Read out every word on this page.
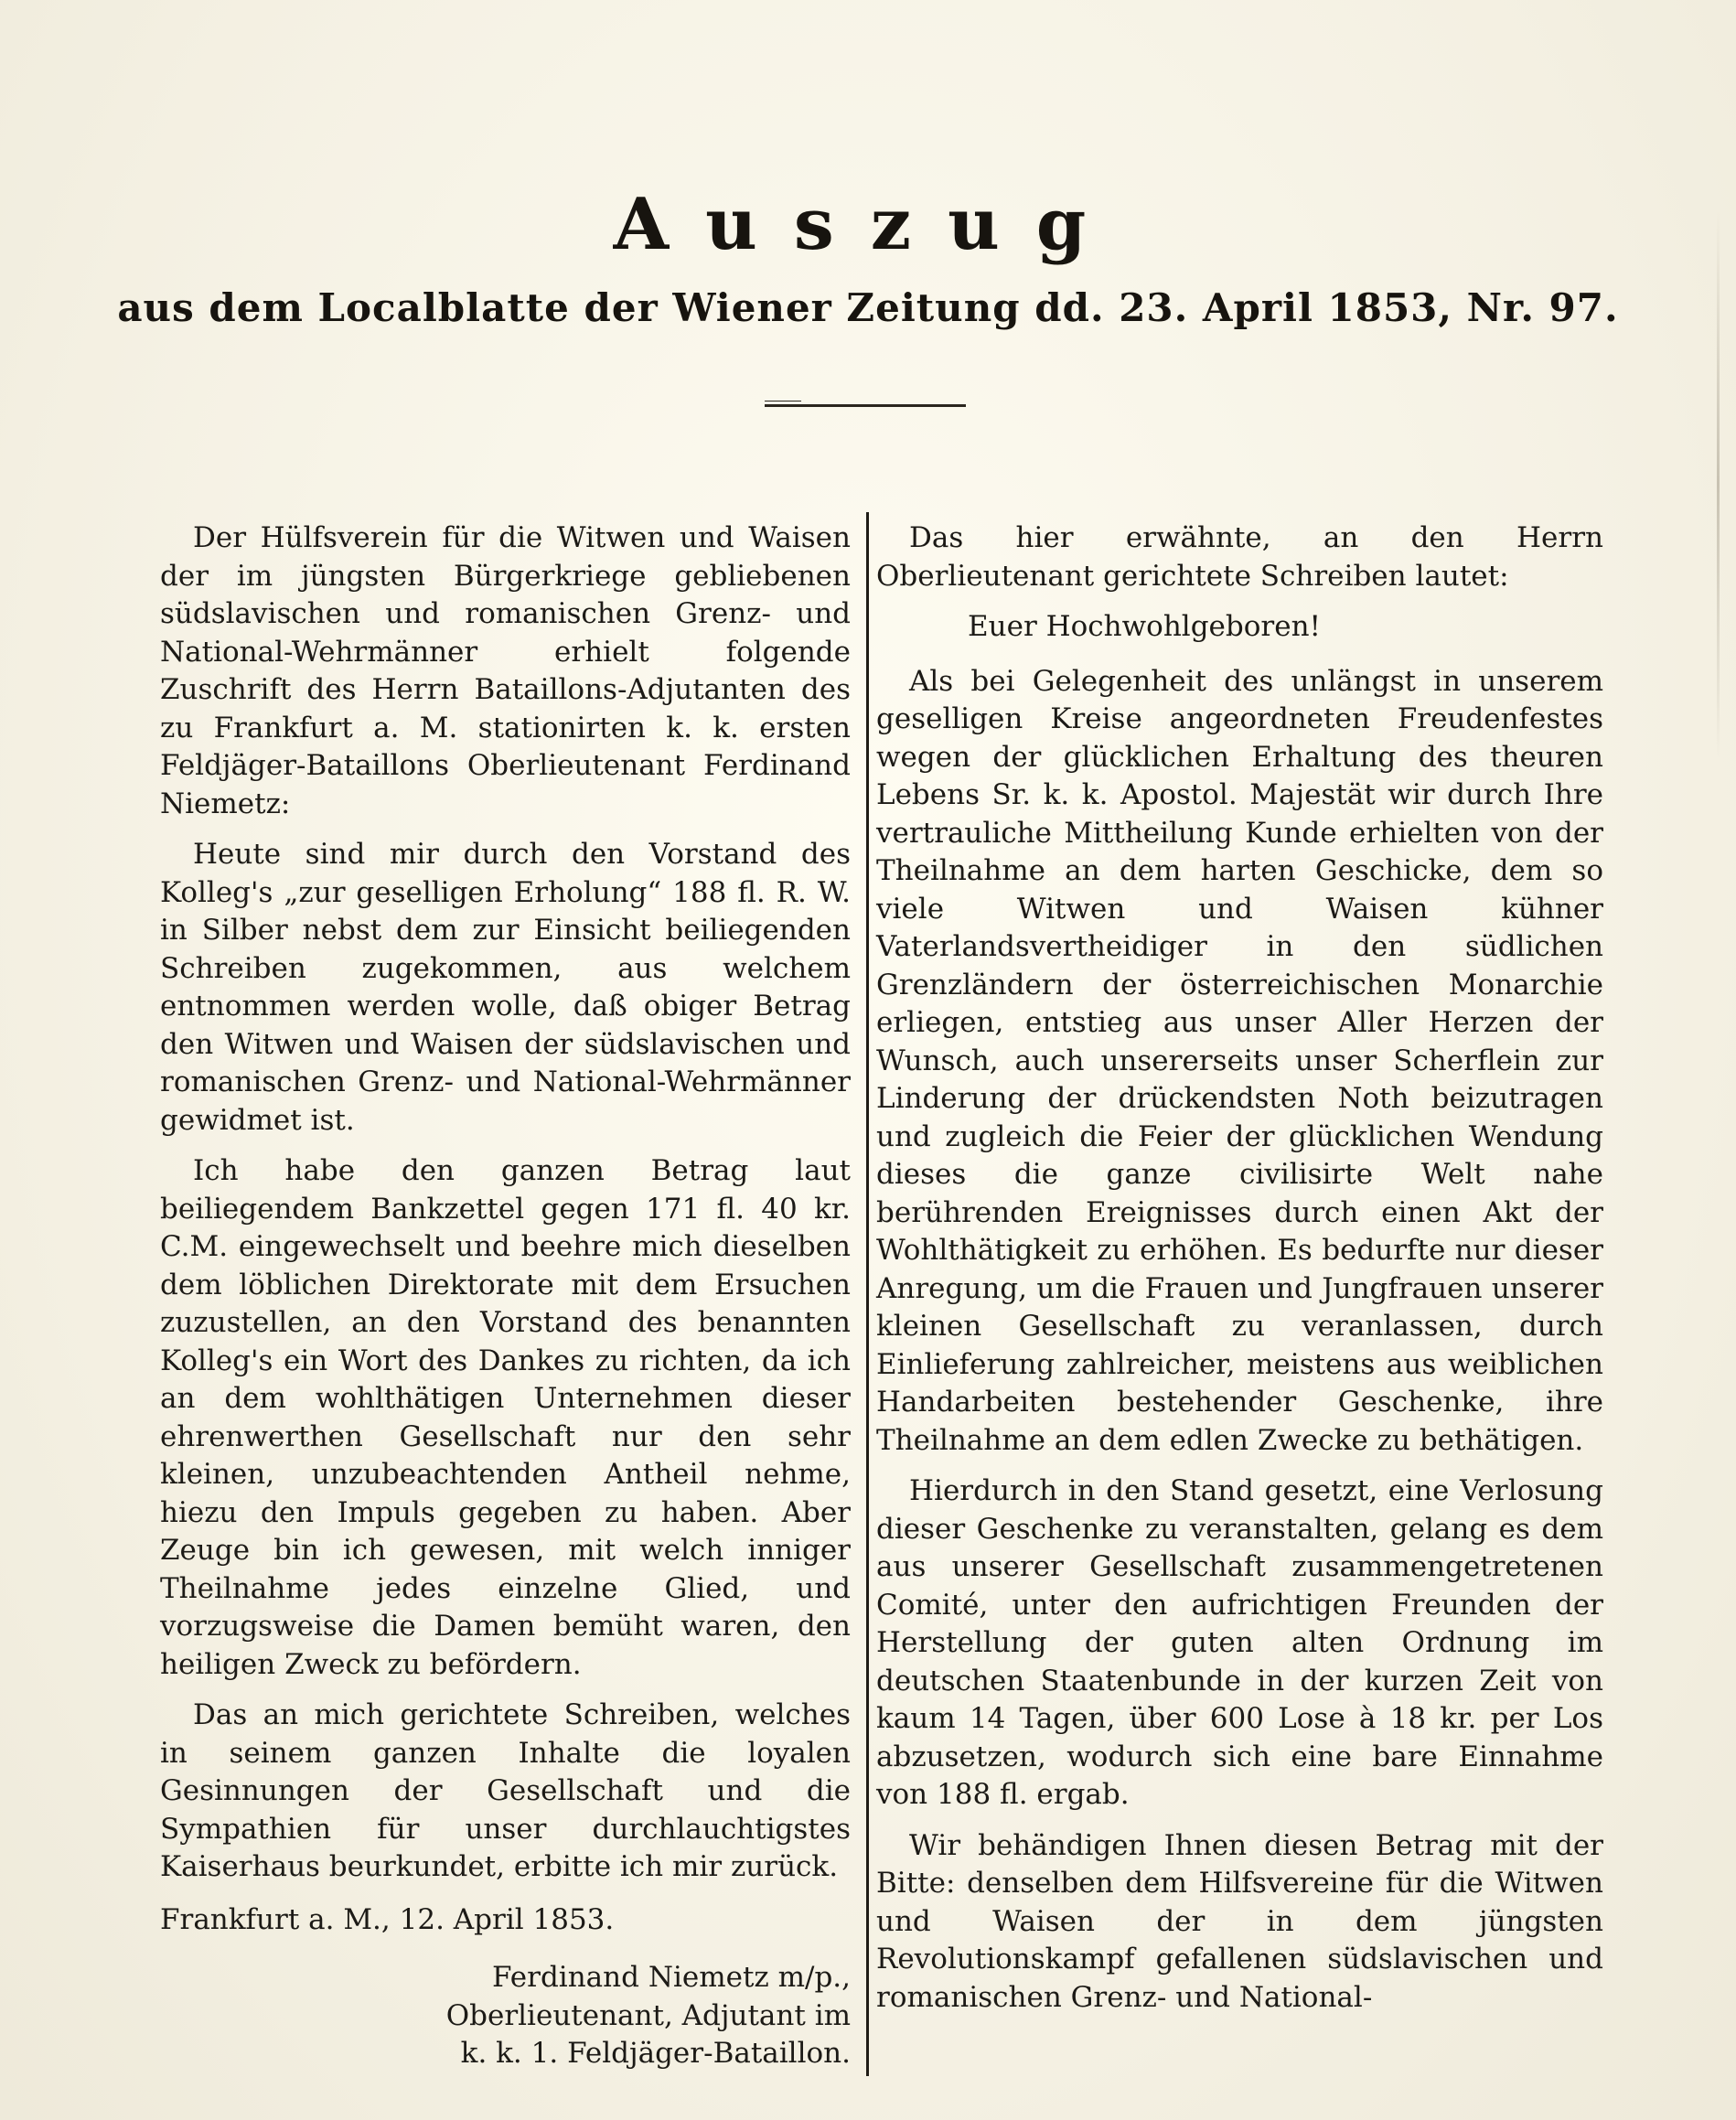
Auszug
aus dem Localblatte der Wiener Zeitung dd. 23. April 1853, Nr. 97.

Der Hülfsverein für die Witwen und Waisen der im jüngsten Bürgerkriege gebliebenen südslavischen und romanischen Grenz- und National-Wehrmänner erhielt folgende Zuschrift des Herrn Bataillons-Adjutanten des zu Frankfurt a. M. stationirten k. k. ersten Feldjäger-Bataillons Oberlieutenant Ferdinand Niemetz:

Heute sind mir durch den Vorstand des Kolleg's „zur geselligen Erholung“ 188 fl. R. W. in Silber nebst dem zur Einsicht beiliegenden Schreiben zugekommen, aus welchem entnommen werden wolle, daß obiger Betrag den Witwen und Waisen der südslavischen und romanischen Grenz- und National-Wehrmänner gewidmet ist.

Ich habe den ganzen Betrag laut beiliegendem Bankzettel gegen 171 fl. 40 kr. C.M. eingewechselt und beehre mich dieselben dem löblichen Direktorate mit dem Ersuchen zuzustellen, an den Vorstand des benannten Kolleg's ein Wort des Dankes zu richten, da ich an dem wohlthätigen Unternehmen dieser ehrenwerthen Gesellschaft nur den sehr kleinen, unzubeachtenden Antheil nehme, hiezu den Impuls gegeben zu haben. Aber Zeuge bin ich gewesen, mit welch inniger Theilnahme jedes einzelne Glied, und vorzugsweise die Damen bemüht waren, den heiligen Zweck zu befördern.

Das an mich gerichtete Schreiben, welches in seinem ganzen Inhalte die loyalen Gesinnungen der Gesellschaft und die Sympathien für unser durchlauchtigstes Kaiserhaus beurkundet, erbitte ich mir zurück.

Frankfurt a. M., 12. April 1853.

Ferdinand Niemetz m/p.,
Oberlieutenant, Adjutant im
k. k. 1. Feldjäger-Bataillon.

Das hier erwähnte, an den Herrn Oberlieutenant gerichtete Schreiben lautet:

Euer Hochwohlgeboren!

Als bei Gelegenheit des unlängst in unserem geselligen Kreise angeordneten Freudenfestes wegen der glücklichen Erhaltung des theuren Lebens Sr. k. k. Apostol. Majestät wir durch Ihre vertrauliche Mittheilung Kunde erhielten von der Theilnahme an dem harten Geschicke, dem so viele Witwen und Waisen kühner Vaterlandsvertheidiger in den südlichen Grenzländern der österreichischen Monarchie erliegen, entstieg aus unser Aller Herzen der Wunsch, auch unsererseits unser Scherflein zur Linderung der drückendsten Noth beizutragen und zugleich die Feier der glücklichen Wendung dieses die ganze civilisirte Welt nahe berührenden Ereignisses durch einen Akt der Wohlthätigkeit zu erhöhen. Es bedurfte nur dieser Anregung, um die Frauen und Jungfrauen unserer kleinen Gesellschaft zu veranlassen, durch Einlieferung zahlreicher, meistens aus weiblichen Handarbeiten bestehender Geschenke, ihre Theilnahme an dem edlen Zwecke zu bethätigen.

Hierdurch in den Stand gesetzt, eine Verlosung dieser Geschenke zu veranstalten, gelang es dem aus unserer Gesellschaft zusammengetretenen Comité, unter den aufrichtigen Freunden der Herstellung der guten alten Ordnung im deutschen Staatenbunde in der kurzen Zeit von kaum 14 Tagen, über 600 Lose à 18 kr. per Los abzusetzen, wodurch sich eine bare Einnahme von 188 fl. ergab.

Wir behändigen Ihnen diesen Betrag mit der Bitte: denselben dem Hilfsvereine für die Witwen und Waisen der in dem jüngsten Revolutionskampf gefallenen südslavischen und romanischen Grenz- und National-
